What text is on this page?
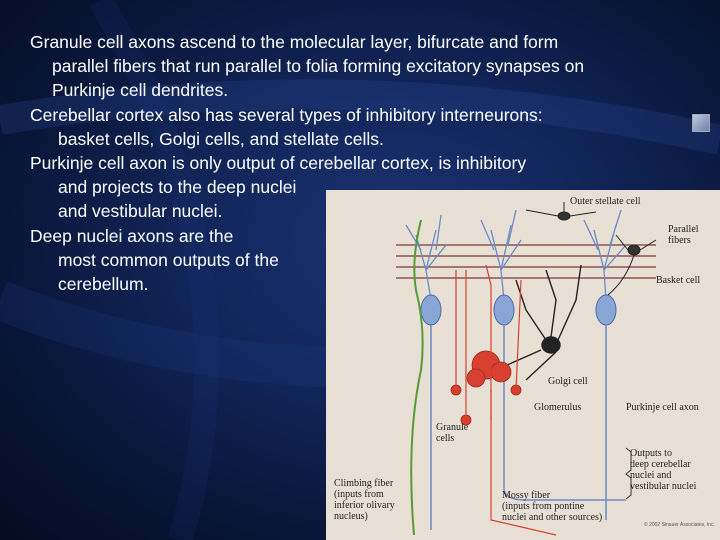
Granule cell axons ascend to the molecular layer, bifurcate and form
parallel fibers that run parallel to folia forming excitatory synapses on
Purkinje cell dendrites.

Cerebellar cortex also has several types of inhibitory interneurons:
basket cells, Golgi cells, and stellate cells.

Purkinje cell axon is only output of cerebellar cortex, is inhibitory
and projects to the deep nuclei
and vestibular nuclei.

Deep nuclei axons are the
most common outputs of the
cerebellum.

Outer stellate cell
Parallel
fibers
Basket cell
Golgi cell
Glomerulus	Purkinje cell axon
Granule
cells
Outputs to
deep cerebellar
nuclei and
vestibular nuclei
Climbing fiber
(inputs from
inferior olivary
nucleus)
Mossy fiber
(inputs from pontine
nuclei and other sources)
© 2002 Sinauer Associates, Inc.
